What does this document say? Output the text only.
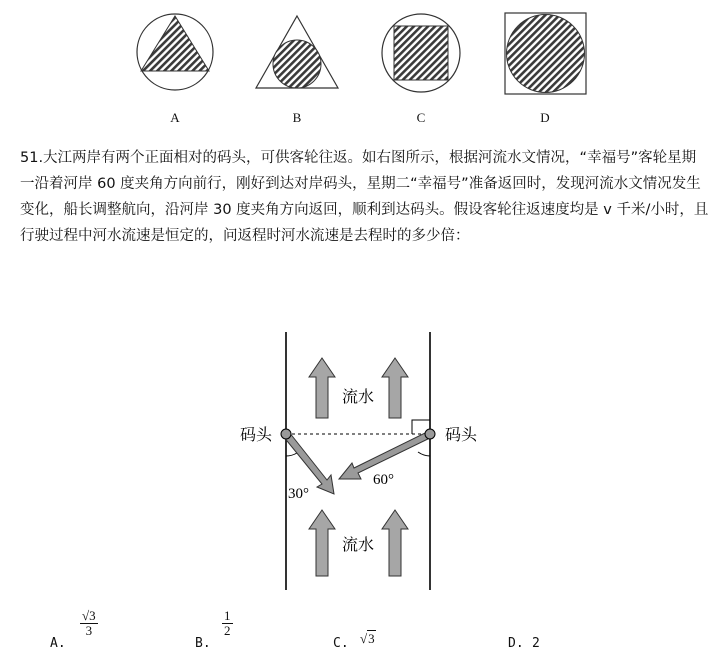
A	B	C	D
51.大江两岸有两个正面相对的码头，可供客轮往返。如右图所示，根据河流水文情况，“幸福号”客轮星期一沿着河岸 60 度夹角方向前行，刚好到达对岸码头，星期二“幸福号”准备返回时，发现河流水文情况发生变化，船长调整航向，沿河岸 30 度夹角方向返回，顺利到达码头。假设客轮往返速度均是 v 千米/小时，且行驶过程中河水流速是恒定的，问返程时河水流速是去程时的多少倍：
流水
流水
码头	码头
30°
60°
A.
$\frac{√3}{3}$
B.
$\frac{1}{2}$
C. √3	D. 2
